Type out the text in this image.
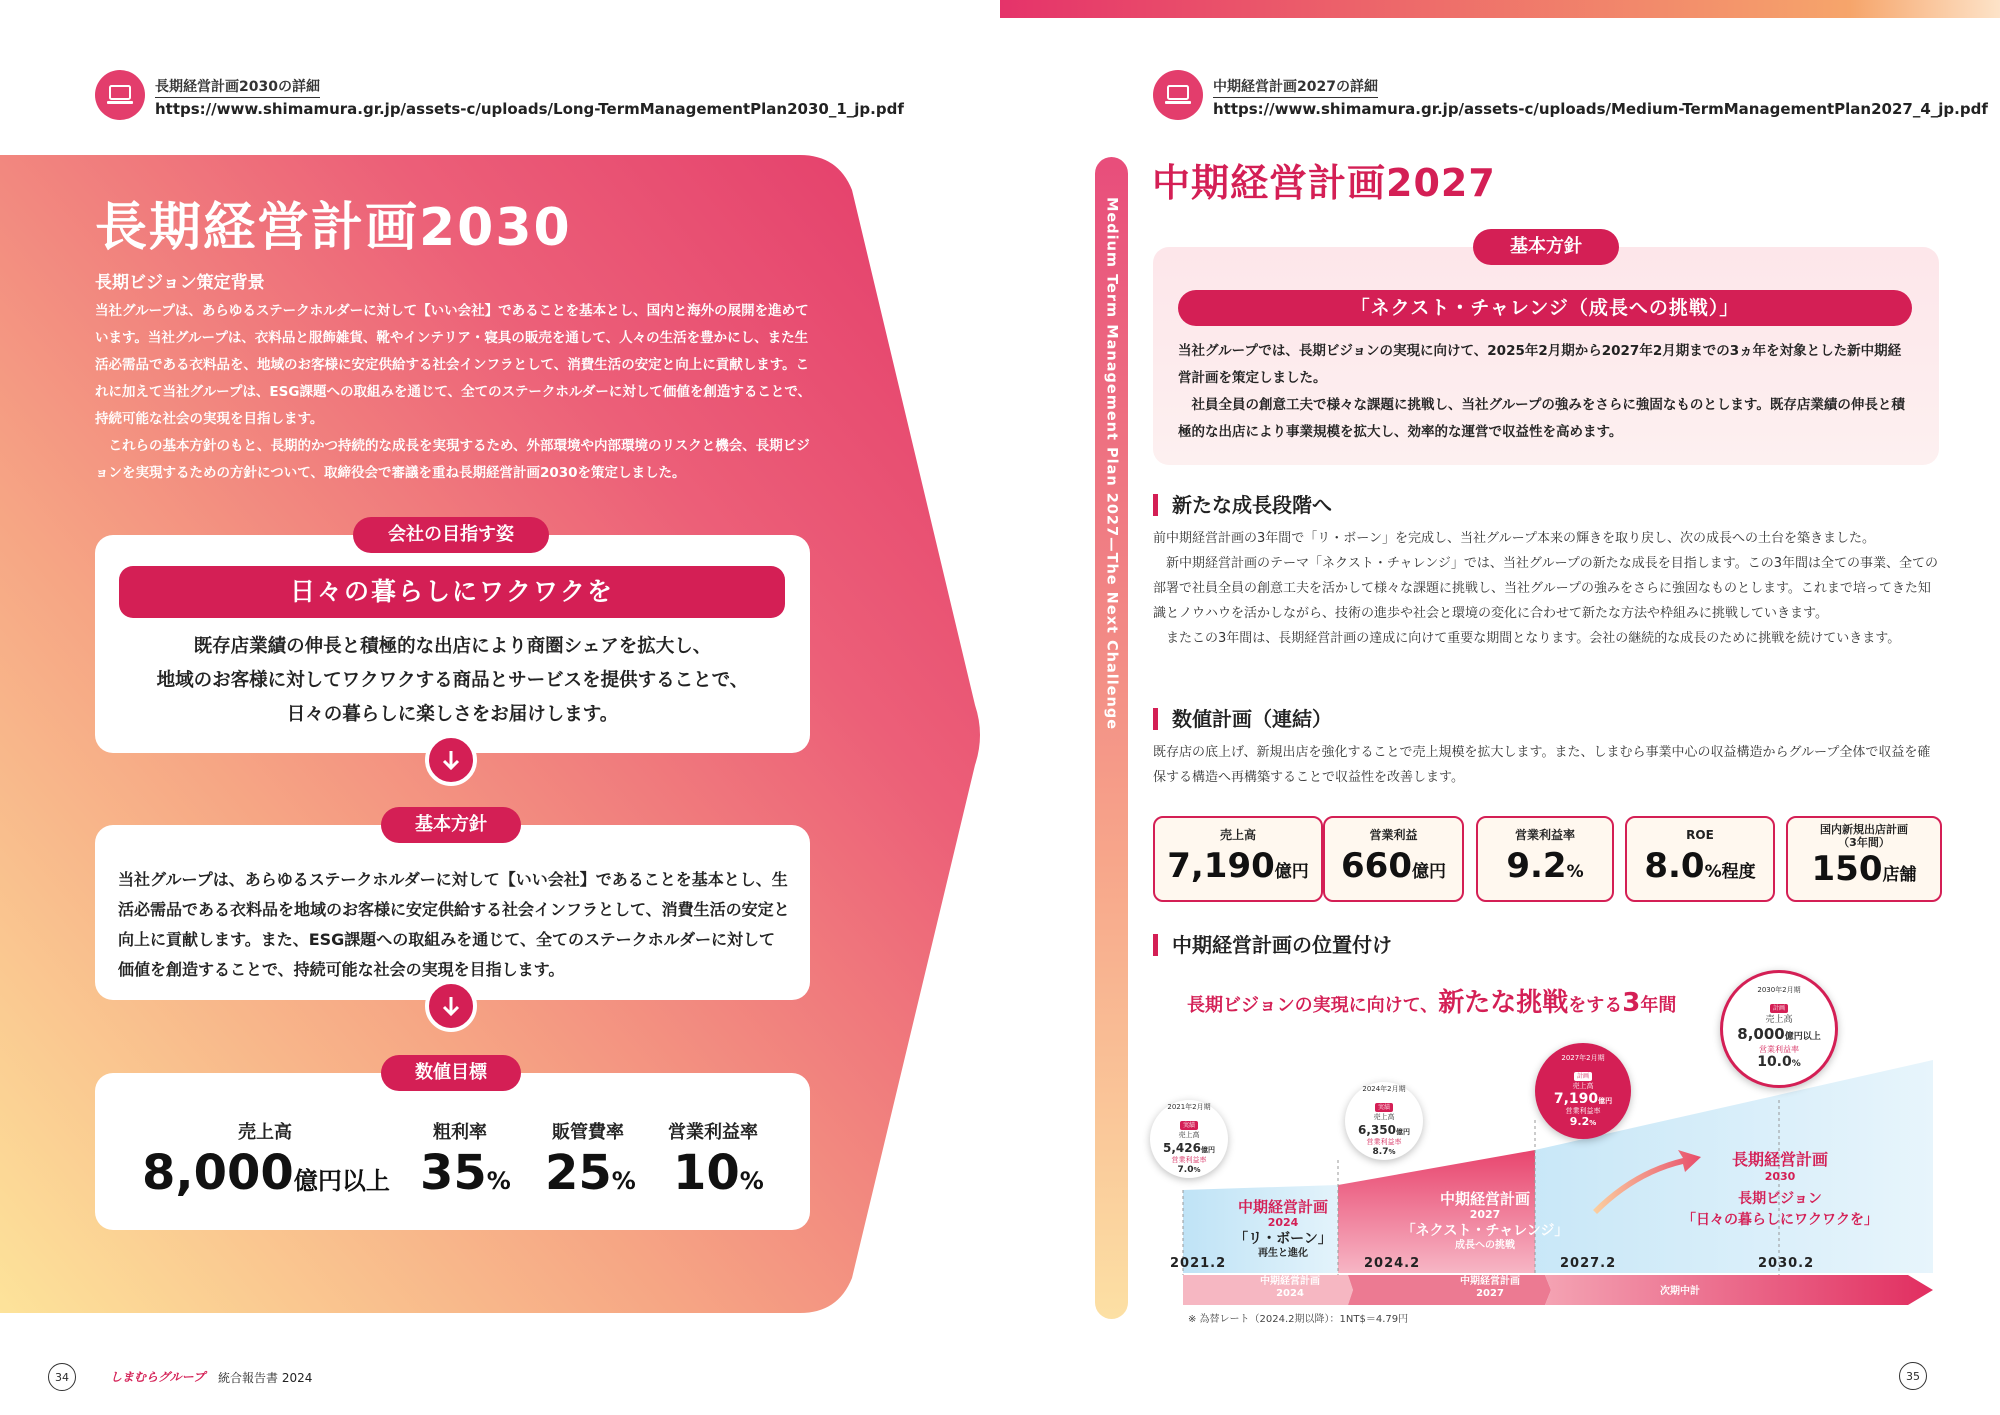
長期経営計画2030の詳細
https://www.shimamura.gr.jp/assets-c/uploads/Long-TermManagementPlan2030_1_jp.pdf
長期経営計画2030
長期ビジョン策定背景

当社グループは、あらゆるステークホルダーに対して【いい会社】であることを基本とし、国内と海外の展開を進めています。当社グループは、衣料品と服飾雑貨、靴やインテリア・寝具の販売を通して、人々の生活を豊かにし、また生活必需品である衣料品を、地域のお客様に安定供給する社会インフラとして、消費生活の安定と向上に貢献します。これに加えて当社グループは、ESG課題への取組みを通じて、全てのステークホルダーに対して価値を創造することで、持続可能な社会の実現を目指します。

これらの基本方針のもと、長期的かつ持続的な成長を実現するため、外部環境や内部環境のリスクと機会、長期ビジョンを実現するための方針について、取締役会で審議を重ね長期経営計画2030を策定しました。

会社の目指す姿
日々の暮らしにワクワクを
既存店業績の伸長と積極的な出店により商圏シェアを拡大し、
地域のお客様に対してワクワクする商品とサービスを提供することで、
日々の暮らしに楽しさをお届けします。
基本方針
当社グループは、あらゆるステークホルダーに対して【いい会社】であることを基本とし、生活必需品である衣料品を地域のお客様に安定供給する社会インフラとして、消費生活の安定と向上に貢献します。また、ESG課題への取組みを通じて、全てのステークホルダーに対して価値を創造することで、持続可能な社会の実現を目指します。
数値目標
売上高
8,000億円以上
粗利率
35%
販管費率
25%
営業利益率
10%
34	しまむらグループ 統合報告書 2024
中期経営計画2027の詳細
https://www.shimamura.gr.jp/assets-c/uploads/Medium-TermManagementPlan2027_4_jp.pdf
Medium Term Management Plan 2027—The Next Challenge
中期経営計画2027
基本方針
「ネクスト・チャレンジ（成長への挑戦）」

当社グループでは、長期ビジョンの実現に向けて、2025年2月期から2027年2月期までの3ヵ年を対象とした新中期経営計画を策定しました。

社員全員の創意工夫で様々な課題に挑戦し、当社グループの強みをさらに強固なものとします。既存店業績の伸長と積極的な出店により事業規模を拡大し、効率的な運営で収益性を高めます。

新たな成長段階へ

前中期経営計画の3年間で「リ・ボーン」を完成し、当社グループ本来の輝きを取り戻し、次の成長への土台を築きました。

新中期経営計画のテーマ「ネクスト・チャレンジ」では、当社グループの新たな成長を目指します。この3年間は全ての事業、全ての部署で社員全員の創意工夫を活かして様々な課題に挑戦し、当社グループの強みをさらに強固なものとします。これまで培ってきた知識とノウハウを活かしながら、技術の進歩や社会と環境の変化に合わせて新たな方法や枠組みに挑戦していきます。

またこの3年間は、長期経営計画の達成に向けて重要な期間となります。会社の継続的な成長のために挑戦を続けていきます。

数値計画（連結）
既存店の底上げ、新規出店を強化することで売上規模を拡大します。また、しまむら事業中心の収益構造からグループ全体で収益を確保する構造へ再構築することで収益性を改善します。
売上高
7,190億円
営業利益
660億円
営業利益率
9.2%
ROE
8.0%程度
国内新規出店計画
（3年間）
150店舗
中期経営計画の位置付け
長期ビジョンの実現に向けて、新たな挑戦をする3年間
中期経営計画
2024
「リ・ボーン」
再生と進化
中期経営計画
2027
「ネクスト・チャレンジ」
成長への挑戦
長期経営計画
2030
長期ビジョン
「日々の暮らしにワクワクを」
2021.2	2024.2	2027.2	2030.2
中期経営計画
2024
中期経営計画
2027	次期中計
2021年2月期
実績
売上高
5,426億円
営業利益率
7.0%
2024年2月期
実績
売上高
6,350億円
営業利益率
8.7%
2027年2月期
計画
売上高
7,190億円
営業利益率
9.2%
2030年2月期
計画
売上高
8,000億円以上
営業利益率
10.0%
※ 為替レート（2024.2期以降）：1NT$＝4.79円
35
